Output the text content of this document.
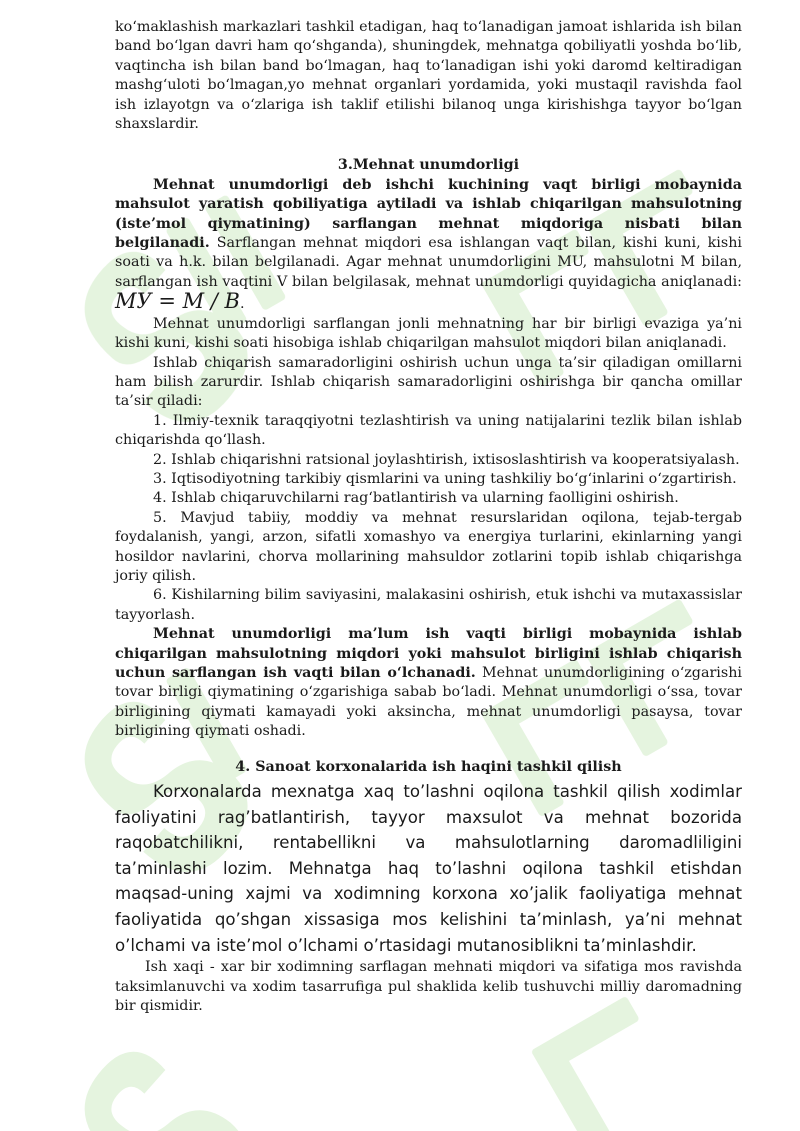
ko‘maklashish markazlari tashkil etadigan, haq to‘lanadigan jamoat ishlarida ish bilan band bo‘lgan davri ham qo‘shganda), shuningdek, mehnatga qobiliyatli yoshda bo‘lib, vaqtincha ish bilan band bo‘lmagan, haq to‘lanadigan ishi yoki daromd keltiradigan mashg‘uloti bo‘lmagan,yo mehnat organlari yordamida, yoki mustaqil ravishda faol ish izlayotgn va o‘zlariga ish taklif etilishi bilanoq unga kirishishga tayyor bo‘lgan shaxslardir.

3.Mehnat unumdorligi

Mehnat unumdorligi deb ishchi kuchining vaqt birligi mobaynida mahsulot yaratish qobiliyatiga aytiladi va ishlab chiqarilgan mahsulotning (iste’mol qiymatining) sarflangan mehnat miqdoriga nisbati bilan belgilanadi. Sarflangan mehnat miqdori esa ishlangan vaqt bilan, kishi kuni, kishi soati va h.k. bilan belgilanadi. Agar mehnat unumdorligini MU, mahsulotni M bilan, sarflangan ish vaqtini V bilan belgilasak, mehnat unumdorligi quyidagicha aniqlanadi: МУ = М / В.

Mehnat unumdorligi sarflangan jonli mehnatning har bir birligi evaziga ya’ni kishi kuni, kishi soati hisobiga ishlab chiqarilgan mahsulot miqdori bilan aniqlanadi.

Ishlab chiqarish samaradorligini oshirish uchun unga ta’sir qiladigan omillarni ham bilish zarurdir. Ishlab chiqarish samaradorligini oshirishga bir qancha omillar ta’sir qiladi:

1. Ilmiy-texnik taraqqiyotni tezlashtirish va uning natijalarini tezlik bilan ishlab chiqarishda qo‘llash.

2. Ishlab chiqarishni ratsional joylashtirish, ixtisoslashtirish va kooperatsiyalash.

3. Iqtisodiyotning tarkibiy qismlarini va uning tashkiliy bo‘g‘inlarini o‘zgartirish.

4. Ishlab chiqaruvchilarni rag‘batlantirish va ularning faolligini oshirish.

5. Mavjud tabiiy, moddiy va mehnat resurslaridan oqilona, tejab-tergab foydalanish, yangi, arzon, sifatli xomashyo va energiya turlarini, ekinlarning yangi hosildor navlarini, chorva mollarining mahsuldor zotlarini topib ishlab chiqarishga joriy qilish.

6. Kishilarning bilim saviyasini, malakasini oshirish, etuk ishchi va mutaxassislar tayyorlash.

Mehnat unumdorligi ma’lum ish vaqti birligi mobaynida ishlab chiqarilgan mahsulotning miqdori yoki mahsulot birligini ishlab chiqarish uchun sarflangan ish vaqti bilan o‘lchanadi. Mehnat unumdorligining o‘zgarishi tovar birligi qiymatining o‘zgarishiga sabab bo‘ladi. Mehnat unumdorligi o‘ssa, tovar birligining qiymati kamayadi yoki aksincha, mehnat unumdorligi pasaysa, tovar birligining qiymati oshadi.

4. Sanoat korxonalarida ish haqini tashkil qilish

Korxonalarda mexnatga xaq to’lashni oqilona tashkil qilish xodimlar faoliyatini rag’batlantirish, tayyor maxsulot va mehnat bozorida raqobatchilikni, rentabellikni va mahsulotlarning daromadliligini ta’minlashi lozim. Mehnatga haq to’lashni oqilona tashkil etishdan maqsad-uning xajmi va xodimning korxona xo’jalik faoliyatiga mehnat faoliyatida qo’shgan xissasiga mos kelishini ta’minlash, ya’ni mehnat o’lchami va iste’mol o’lchami o’rtasidagi mutanosiblikni ta’minlashdir.

Ish xaqi - xar bir xodimning sarflagan mehnati miqdori va sifatiga mos ravishda taksimlanuvchi va xodim tasarrufiga pul shaklida kelib tushuvchi milliy daromadning bir qismidir.
